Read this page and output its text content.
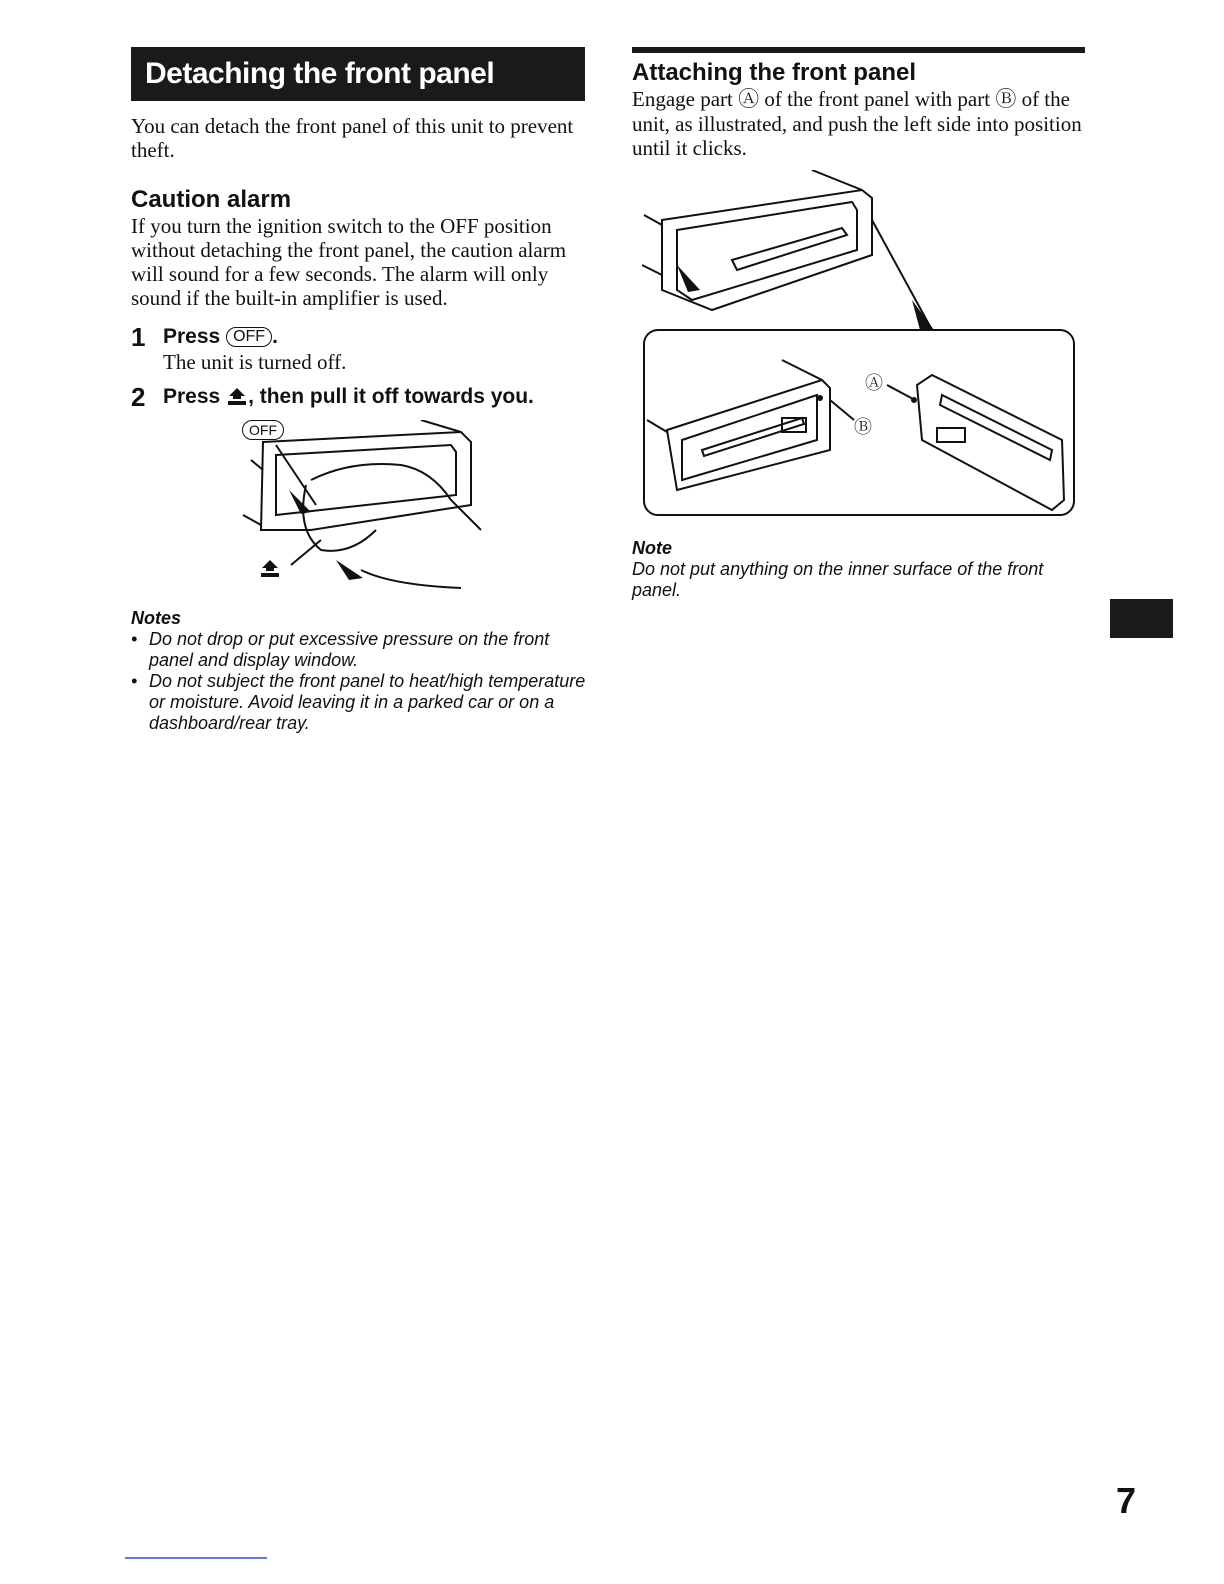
Detaching the front panel

You can detach the front panel of this unit to prevent theft.

Caution alarm

If you turn the ignition switch to the OFF position without detaching the front panel, the caution alarm will sound for a few seconds. The alarm will only sound if the built-in amplifier is used.

1 Press OFF .

The unit is turned off.

2 Press , then pull it off towards you.
OFF

Notes

• Do not drop or put excessive pressure on the front panel and display window.

• Do not subject the front panel to heat/high temperature or moisture. Avoid leaving it in a parked car or on a dashboard/rear tray.

Attaching the front panel

Engage part Ⓐ of the front panel with part Ⓑ of the unit, as illustrated, and push the left side into position until it clicks.

Ⓐ
Ⓑ

Note

Do not put anything on the inner surface of the front panel.

7
